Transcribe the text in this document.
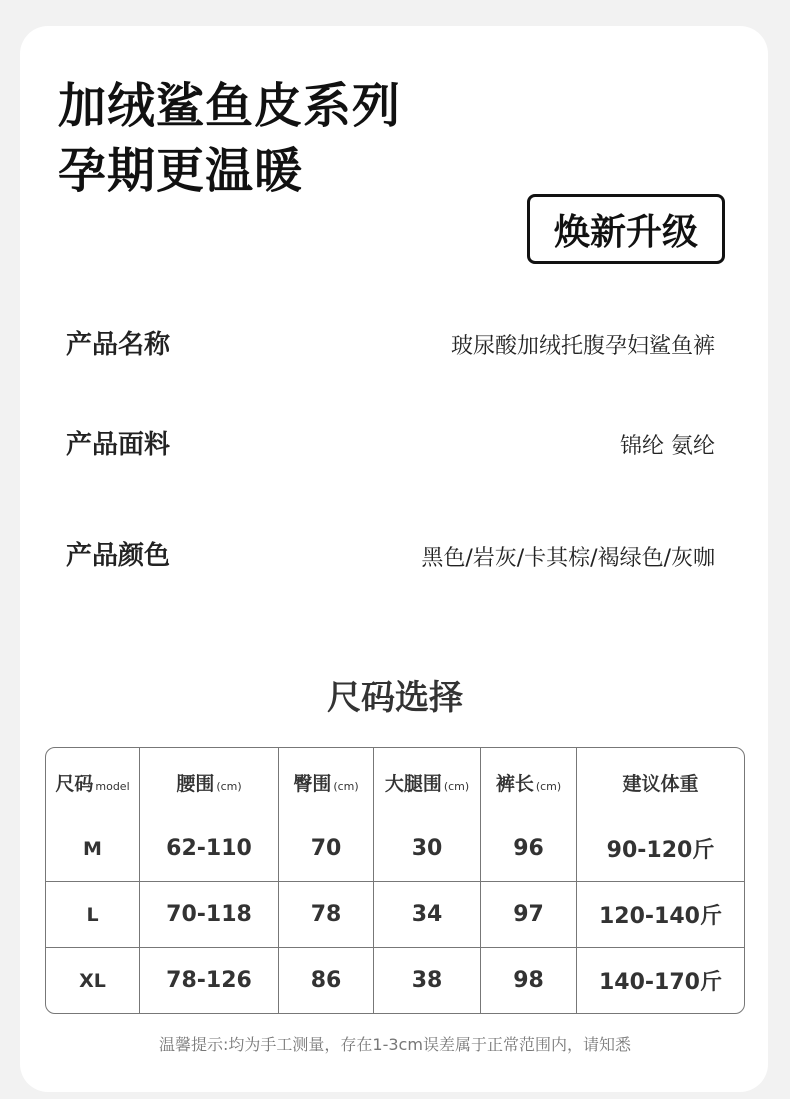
加绒鲨鱼皮系列
孕期更温暖
焕新升级
产品名称	玻尿酸加绒托腹孕妇鲨鱼裤
产品面料	锦纶 氨纶
产品颜色	黑色/岩灰/卡其棕/褐绿色/灰咖
尺码选择
尺码 model	腰围 (cm)	臀围 (cm)	大腿围 (cm)	裤长 (cm)	建议体重
M	62-110	70	30	96	90-120斤
L	70-118	78	34	97	120-140斤
XL	78-126	86	38	98	140-170斤
温馨提示:均为手工测量，存在1-3cm误差属于正常范围内，请知悉
